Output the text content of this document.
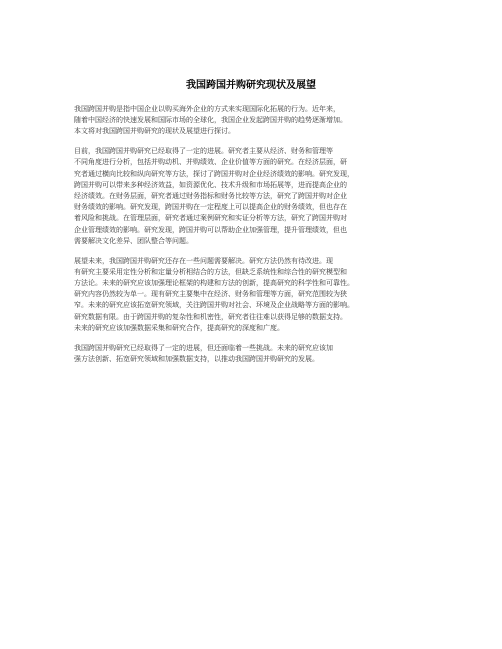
我国跨国并购研究现状及展望
我国跨国并购是指中国企业以购买海外企业的方式来实现国际化拓展的行为。近年来，
随着中国经济的快速发展和国际市场的全球化，我国企业发起跨国并购的趋势逐渐增加。
本文将对我国跨国并购研究的现状及展望进行探讨。
目前，我国跨国并购研究已经取得了一定的进展。研究者主要从经济、财务和管理等
不同角度进行分析，包括并购动机、并购绩效、企业价值等方面的研究。在经济层面，研
究者通过横向比较和纵向研究等方法，探讨了跨国并购对企业经济绩效的影响。研究发现，
跨国并购可以带来多种经济效益，如资源优化、技术升级和市场拓展等，进而提高企业的
经济绩效。在财务层面，研究者通过财务指标和财务比较等方法，研究了跨国并购对企业
财务绩效的影响。研究发现，跨国并购在一定程度上可以提高企业的财务绩效，但也存在
着风险和挑战。在管理层面，研究者通过案例研究和实证分析等方法，研究了跨国并购对
企业管理绩效的影响。研究发现，跨国并购可以帮助企业加强管理，提升管理绩效，但也
需要解决文化差异、团队整合等问题。
展望未来，我国跨国并购研究还存在一些问题需要解决。研究方法仍然有待改进。现
有研究主要采用定性分析和定量分析相结合的方法，但缺乏系统性和综合性的研究模型和
方法论。未来的研究应该加强理论框架的构建和方法的创新，提高研究的科学性和可靠性。
研究内容仍然较为单一。现有研究主要集中在经济、财务和管理等方面，研究范围较为狭
窄。未来的研究应该拓宽研究领域，关注跨国并购对社会、环境及企业战略等方面的影响。
研究数据有限。由于跨国并购的复杂性和机密性，研究者往往难以获得足够的数据支持。
未来的研究应该加强数据采集和研究合作，提高研究的深度和广度。
我国跨国并购研究已经取得了一定的进展，但还面临着一些挑战。未来的研究应该加
强方法创新、拓宽研究领域和加强数据支持，以推动我国跨国并购研究的发展。
